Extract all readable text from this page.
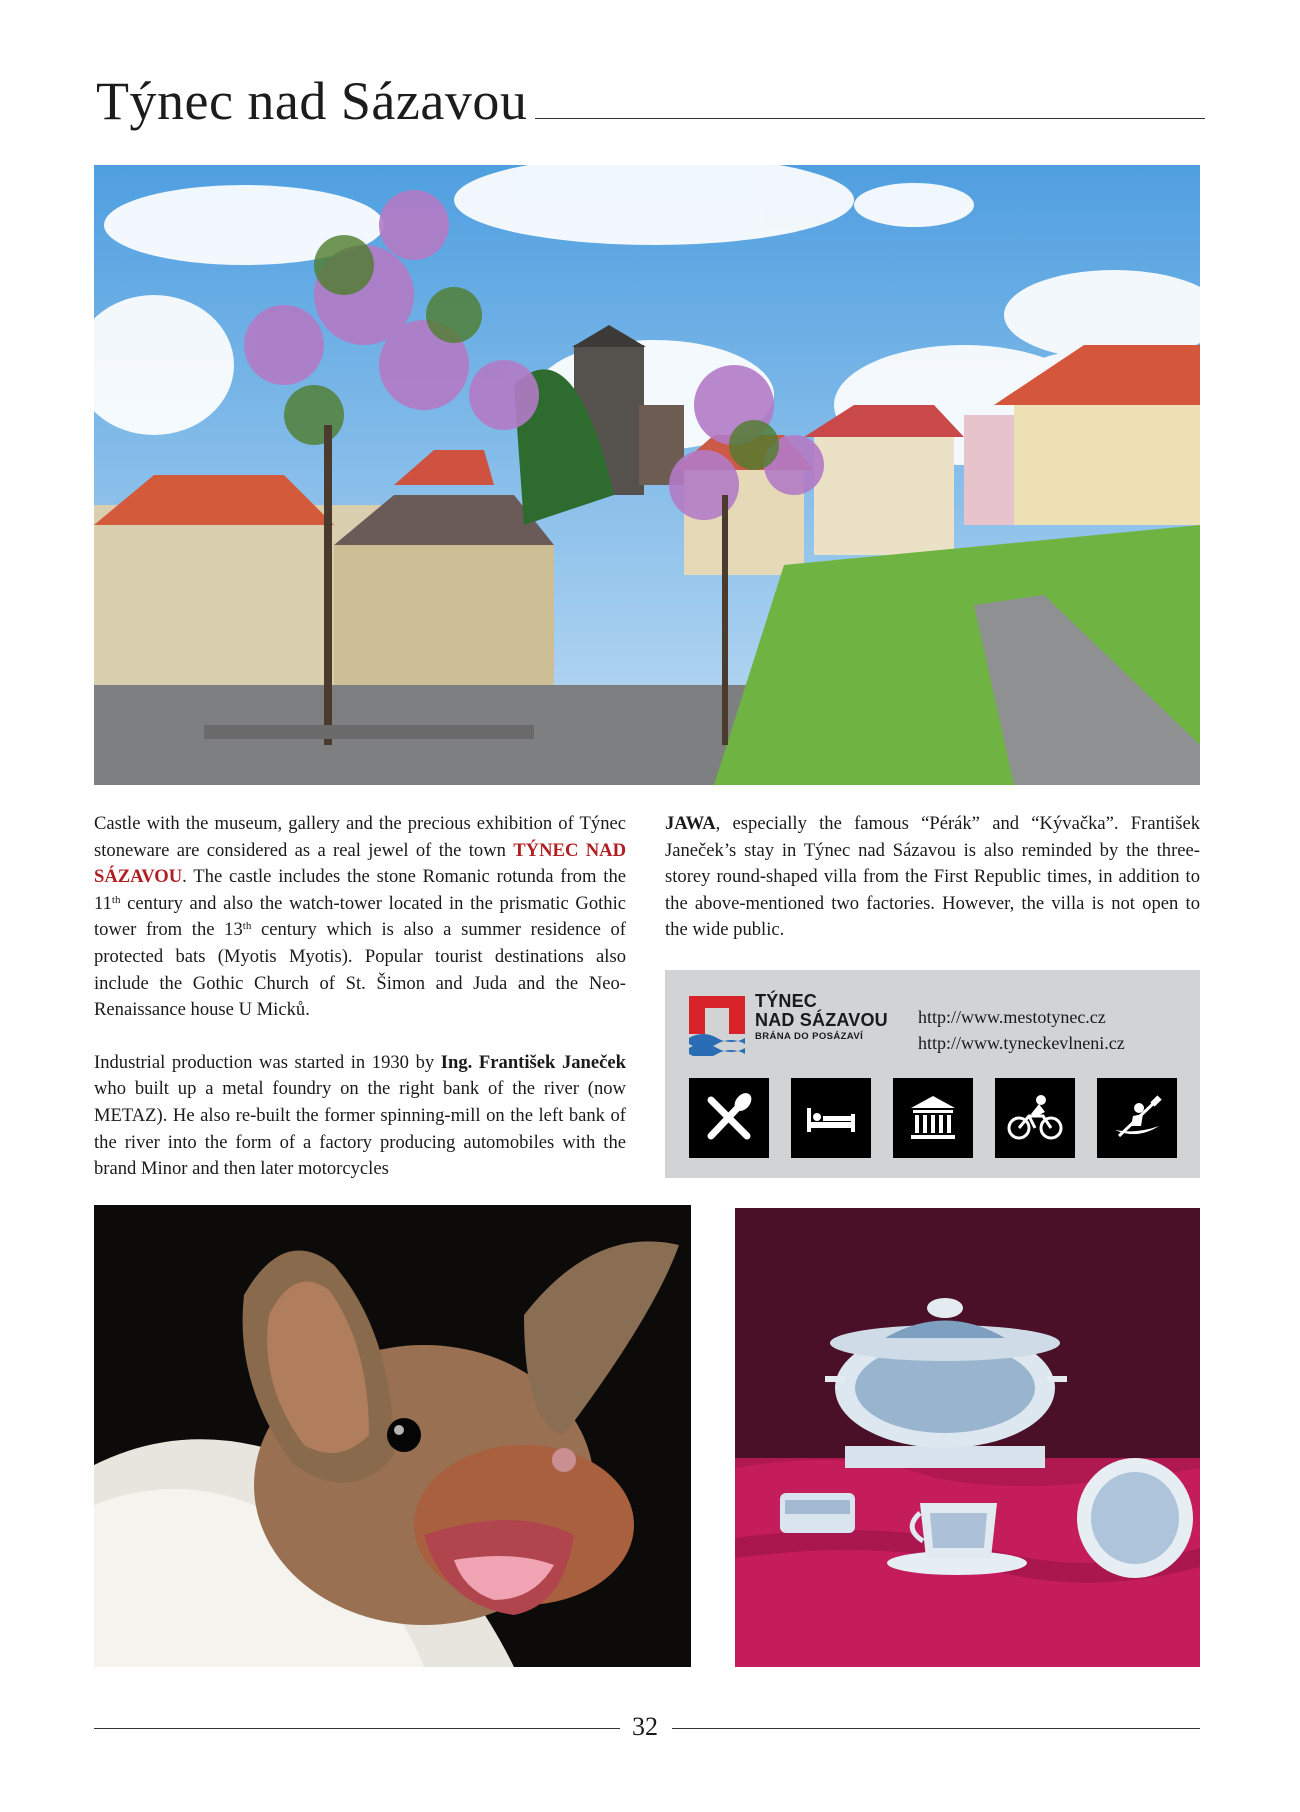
Týnec nad Sázavou

Castle with the museum, gallery and the precious exhibition of Týnec stoneware are considered as a real jewel of the town TÝNEC NAD SÁZAVOU. The castle includes the stone Romanic rotunda from the 11th century and also the watch-tower located in the prismatic Gothic tower from the 13th century which is also a summer residence of protected bats (Myotis Myotis). Popular tourist destinations also include the Gothic Church of St. Šimon and Juda and the Neo-Renaissance house U Micků.

Industrial production was started in 1930 by Ing. František Janeček who built up a metal foundry on the right bank of the river (now METAZ). He also re-built the former spinning-mill on the left bank of the river into the form of a factory producing automobiles with the brand Minor and then later motorcycles

JAWA, especially the famous “Pérák” and “Kývačka”. František Janeček’s stay in Týnec nad Sázavou is also reminded by the three-storey round-shaped villa from the First Republic times, in addition to the above-mentioned two factories. However, the villa is not open to the wide public.

TÝNEC
NAD SÁZAVOU
BRÁNA DO POSÁZAVÍ
http://www.mestotynec.cz
http://www.tyneckevlneni.cz
32
